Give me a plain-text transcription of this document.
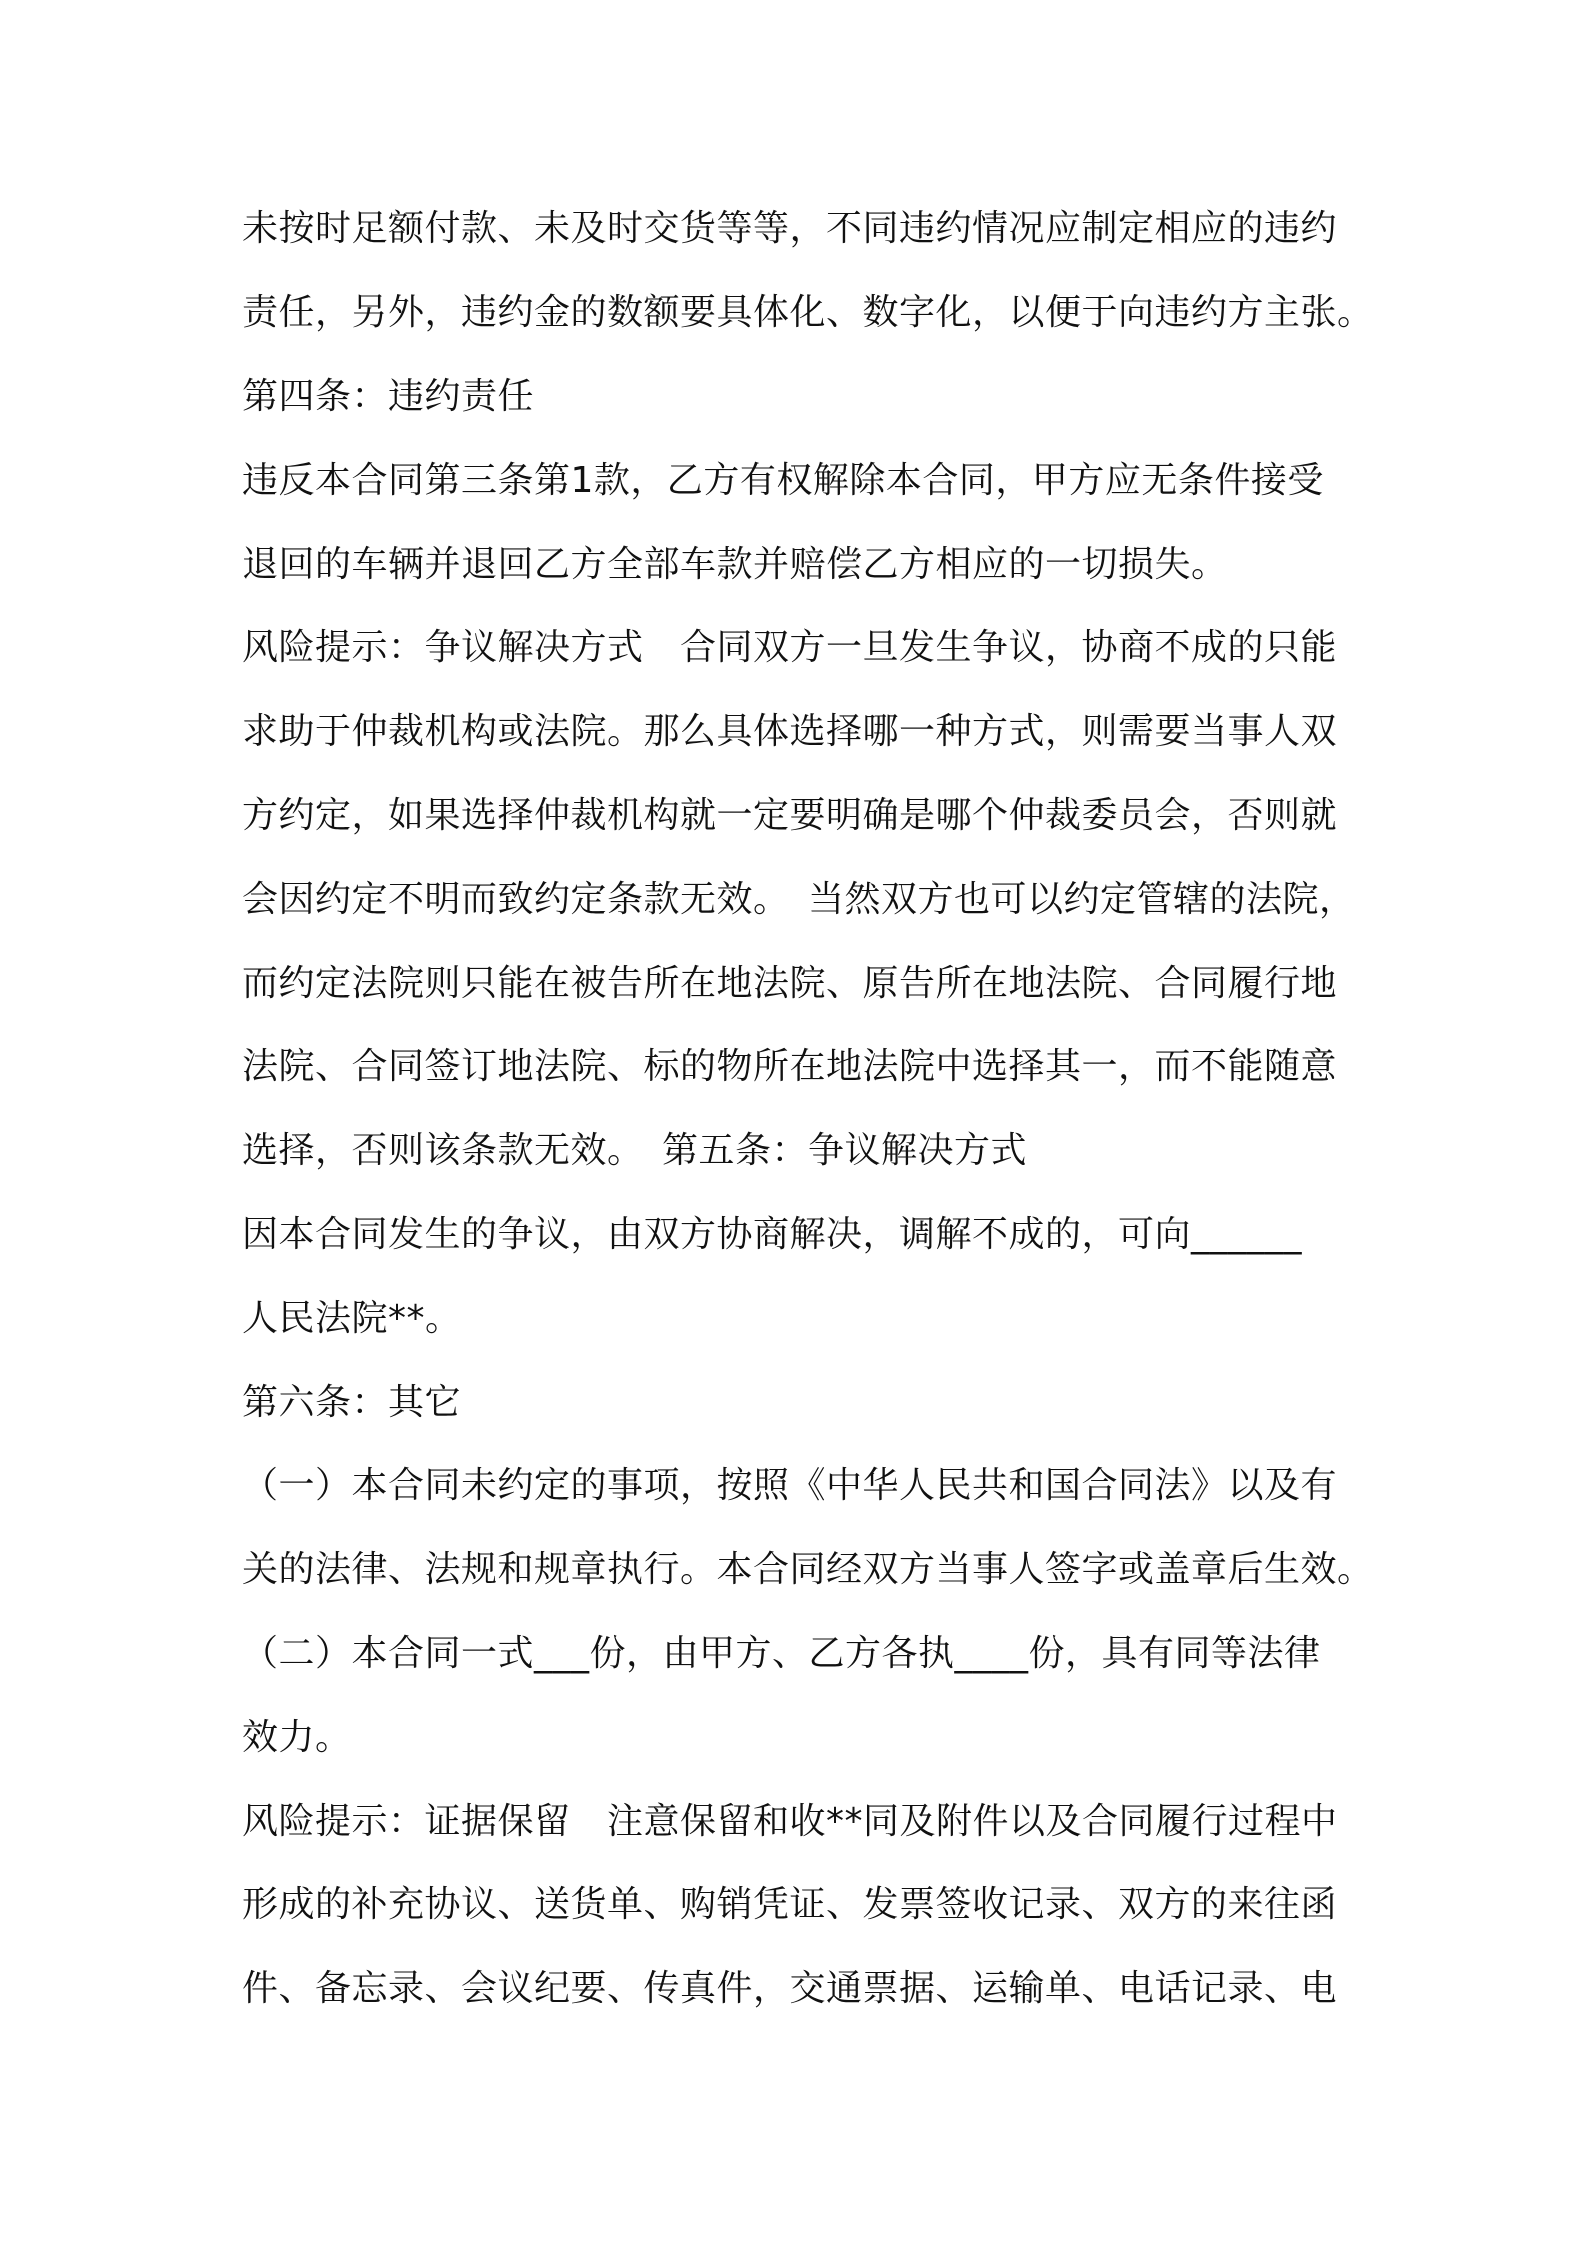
未按时足额付款、未及时交货等等，不同违约情况应制定相应的违约
责任，另外，违约金的数额要具体化、数字化，以便于向违约方主张。
第四条：违约责任
违反本合同第三条第1款，乙方有权解除本合同，甲方应无条件接受
退回的车辆并退回乙方全部车款并赔偿乙方相应的一切损失。
风险提示：争议解决方式　合同双方一旦发生争议，协商不成的只能
求助于仲裁机构或法院。那么具体选择哪一种方式，则需要当事人双
方约定，如果选择仲裁机构就一定要明确是哪个仲裁委员会，否则就
会因约定不明而致约定条款无效。　当然双方也可以约定管辖的法院，
而约定法院则只能在被告所在地法院、原告所在地法院、合同履行地
法院、合同签订地法院、标的物所在地法院中选择其一，而不能随意
选择，否则该条款无效。　第五条：争议解决方式
因本合同发生的争议，由双方协商解决，调解不成的，可向______
人民法院**。
第六条：其它
（一）本合同未约定的事项，按照《中华人民共和国合同法》以及有
关的法律、法规和规章执行。本合同经双方当事人签字或盖章后生效。
（二）本合同一式___份，由甲方、乙方各执____份，具有同等法律
效力。
风险提示：证据保留　注意保留和收**同及附件以及合同履行过程中
形成的补充协议、送货单、购销凭证、发票签收记录、双方的来往函
件、备忘录、会议纪要、传真件，交通票据、运输单、电话记录、电
